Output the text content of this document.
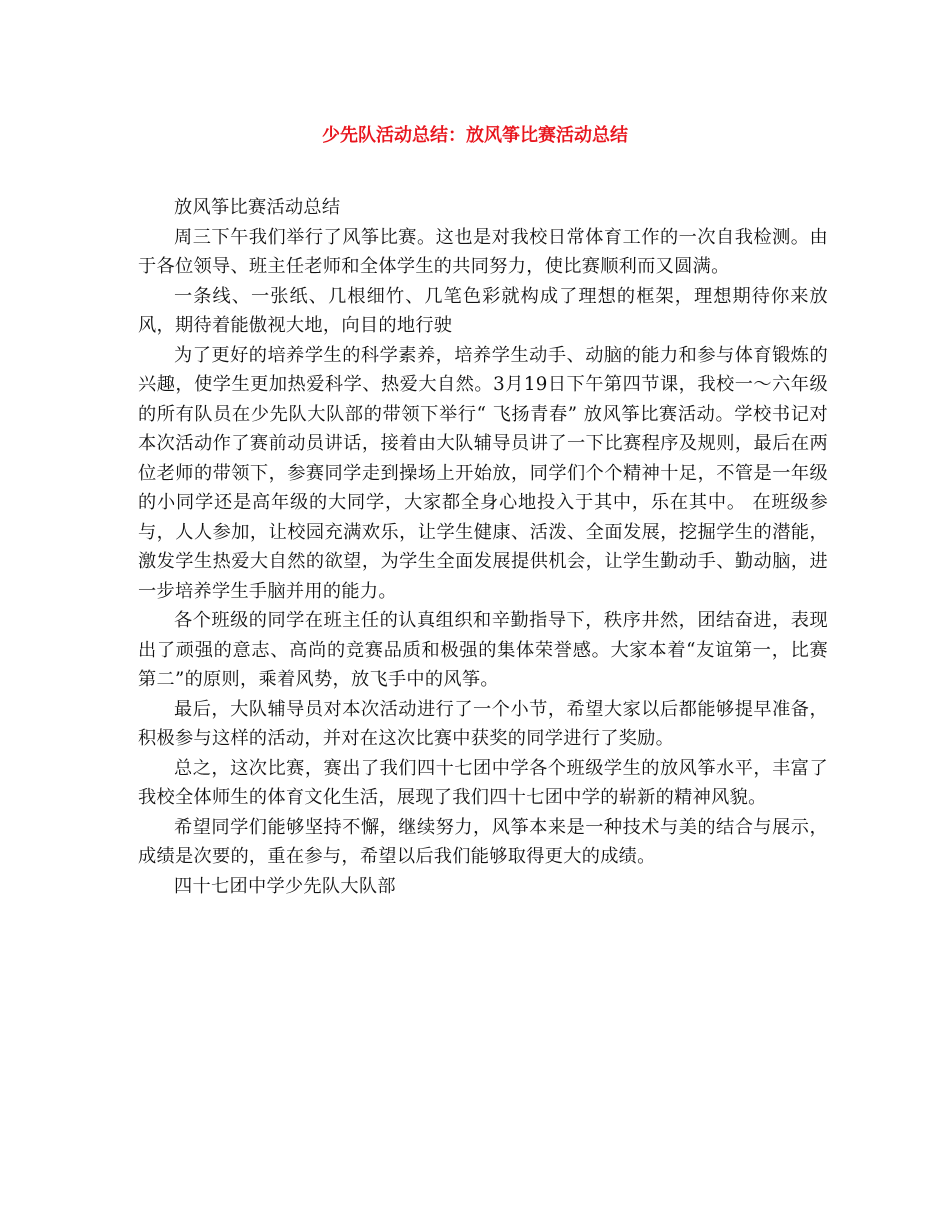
少先队活动总结：放风筝比赛活动总结

放风筝比赛活动总结

周三下午我们举行了风筝比赛。这也是对我校日常体育工作的一次自我检测。由于各位领导、班主任老师和全体学生的共同努力，使比赛顺利而又圆满。

一条线、一张纸、几根细竹、几笔色彩就构成了理想的框架，理想期待你来放风，期待着能傲视大地，向目的地行驶

为了更好的培养学生的科学素养，培养学生动手、动脑的能力和参与体育锻炼的兴趣，使学生更加热爱科学、热爱大自然。3月19日下午第四节课，我校一～六年级的所有队员在少先队大队部的带领下举行“ 飞扬青春” 放风筝比赛活动。学校书记对本次活动作了赛前动员讲话，接着由大队辅导员讲了一下比赛程序及规则，最后在两位老师的带领下，参赛同学走到操场上开始放，同学们个个精神十足，不管是一年级的小同学还是高年级的大同学，大家都全身心地投入于其中，乐在其中。 在班级参与，人人参加，让校园充满欢乐，让学生健康、活泼、全面发展，挖掘学生的潜能，激发学生热爱大自然的欲望，为学生全面发展提供机会，让学生勤动手、勤动脑，进一步培养学生手脑并用的能力。

各个班级的同学在班主任的认真组织和辛勤指导下，秩序井然，团结奋进，表现出了顽强的意志、高尚的竞赛品质和极强的集体荣誉感。大家本着“友谊第一，比赛第二”的原则，乘着风势，放飞手中的风筝。

最后，大队辅导员对本次活动进行了一个小节，希望大家以后都能够提早准备，积极参与这样的活动，并对在这次比赛中获奖的同学进行了奖励。

总之，这次比赛，赛出了我们四十七团中学各个班级学生的放风筝水平，丰富了我校全体师生的体育文化生活，展现了我们四十七团中学的崭新的精神风貌。

希望同学们能够坚持不懈，继续努力，风筝本来是一种技术与美的结合与展示，成绩是次要的，重在参与，希望以后我们能够取得更大的成绩。

四十七团中学少先队大队部
